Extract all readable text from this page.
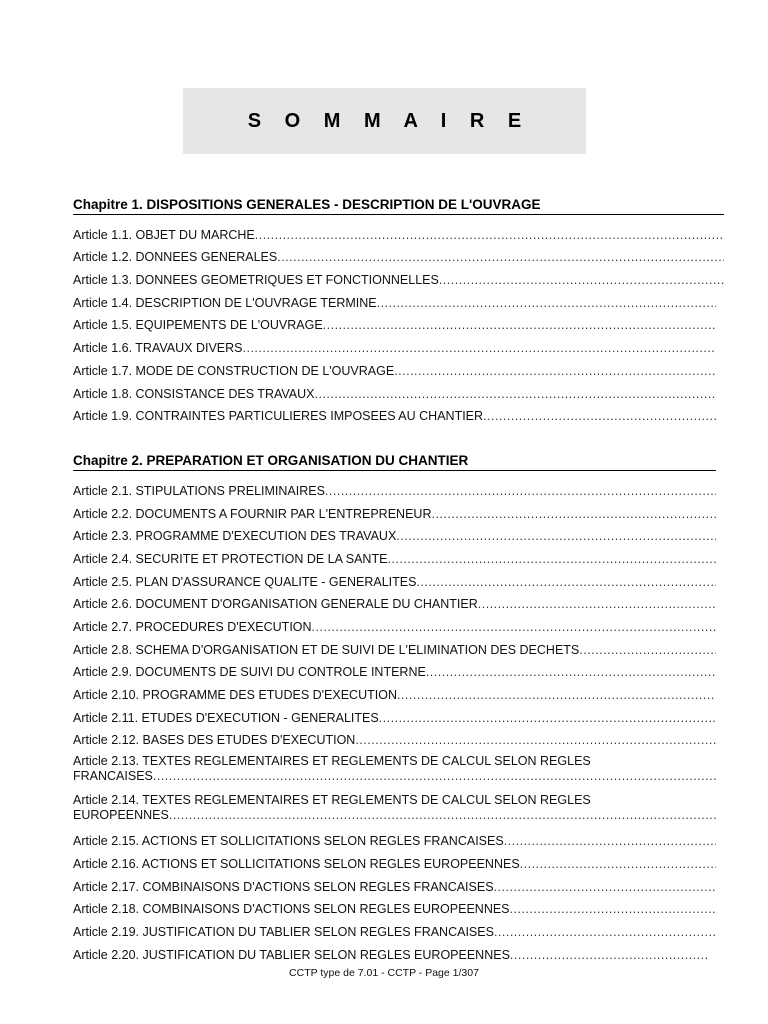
S O M M A I R E
Chapitre 1. DISPOSITIONS GENERALES - DESCRIPTION DE L'OUVRAGE
Article 1.1. OBJET DU MARCHE
.....
Article 1.2. DONNEES GENERALES
.....
Article 1.3. DONNEES GEOMETRIQUES ET FONCTIONNELLES
.....
Article 1.4. DESCRIPTION DE L'OUVRAGE TERMINE
.....
Article 1.5. EQUIPEMENTS DE L'OUVRAGE
.....
Article 1.6. TRAVAUX DIVERS
.....
Article 1.7. MODE DE CONSTRUCTION DE L'OUVRAGE
.....
Article 1.8. CONSISTANCE DES TRAVAUX
.....
Article 1.9. CONTRAINTES PARTICULIERES IMPOSEES AU CHANTIER
.....
Chapitre 2. PREPARATION ET ORGANISATION DU CHANTIER
Article 2.1. STIPULATIONS PRELIMINAIRES
.....
Article 2.2. DOCUMENTS A FOURNIR PAR L'ENTREPRENEUR
.....
Article 2.3. PROGRAMME D'EXECUTION DES TRAVAUX
.....
Article 2.4. SECURITE ET PROTECTION DE LA SANTE
.....
Article 2.5. PLAN D'ASSURANCE QUALITE - GENERALITES
.....
Article 2.6. DOCUMENT D'ORGANISATION GENERALE DU CHANTIER
.....
Article 2.7. PROCEDURES D'EXECUTION
.....
Article 2.8. SCHEMA D'ORGANISATION ET DE SUIVI DE L'ELIMINATION DES DECHETS
.....
Article 2.9. DOCUMENTS DE SUIVI DU CONTROLE INTERNE
.....
Article 2.10. PROGRAMME DES ETUDES D'EXECUTION
.....
Article 2.11. ETUDES D'EXECUTION - GENERALITES
.....
Article 2.12. BASES DES ETUDES D'EXECUTION
.....
Article 2.13. TEXTES REGLEMENTAIRES ET REGLEMENTS DE CALCUL SELON REGLES
FRANCAISES
.....
Article 2.14. TEXTES REGLEMENTAIRES ET REGLEMENTS DE CALCUL SELON REGLES
EUROPEENNES
.....
Article 2.15. ACTIONS ET SOLLICITATIONS SELON REGLES FRANCAISES
.....
Article 2.16. ACTIONS ET SOLLICITATIONS SELON REGLES EUROPEENNES
.....
Article 2.17. COMBINAISONS D'ACTIONS SELON REGLES FRANCAISES
.....
Article 2.18. COMBINAISONS D'ACTIONS SELON REGLES EUROPEENNES
.....
Article 2.19. JUSTIFICATION DU TABLIER SELON REGLES FRANCAISES
.....
Article 2.20. JUSTIFICATION DU TABLIER SELON REGLES EUROPEENNES
.....
CCTP type de 7.01 - CCTP - Page 1/307
